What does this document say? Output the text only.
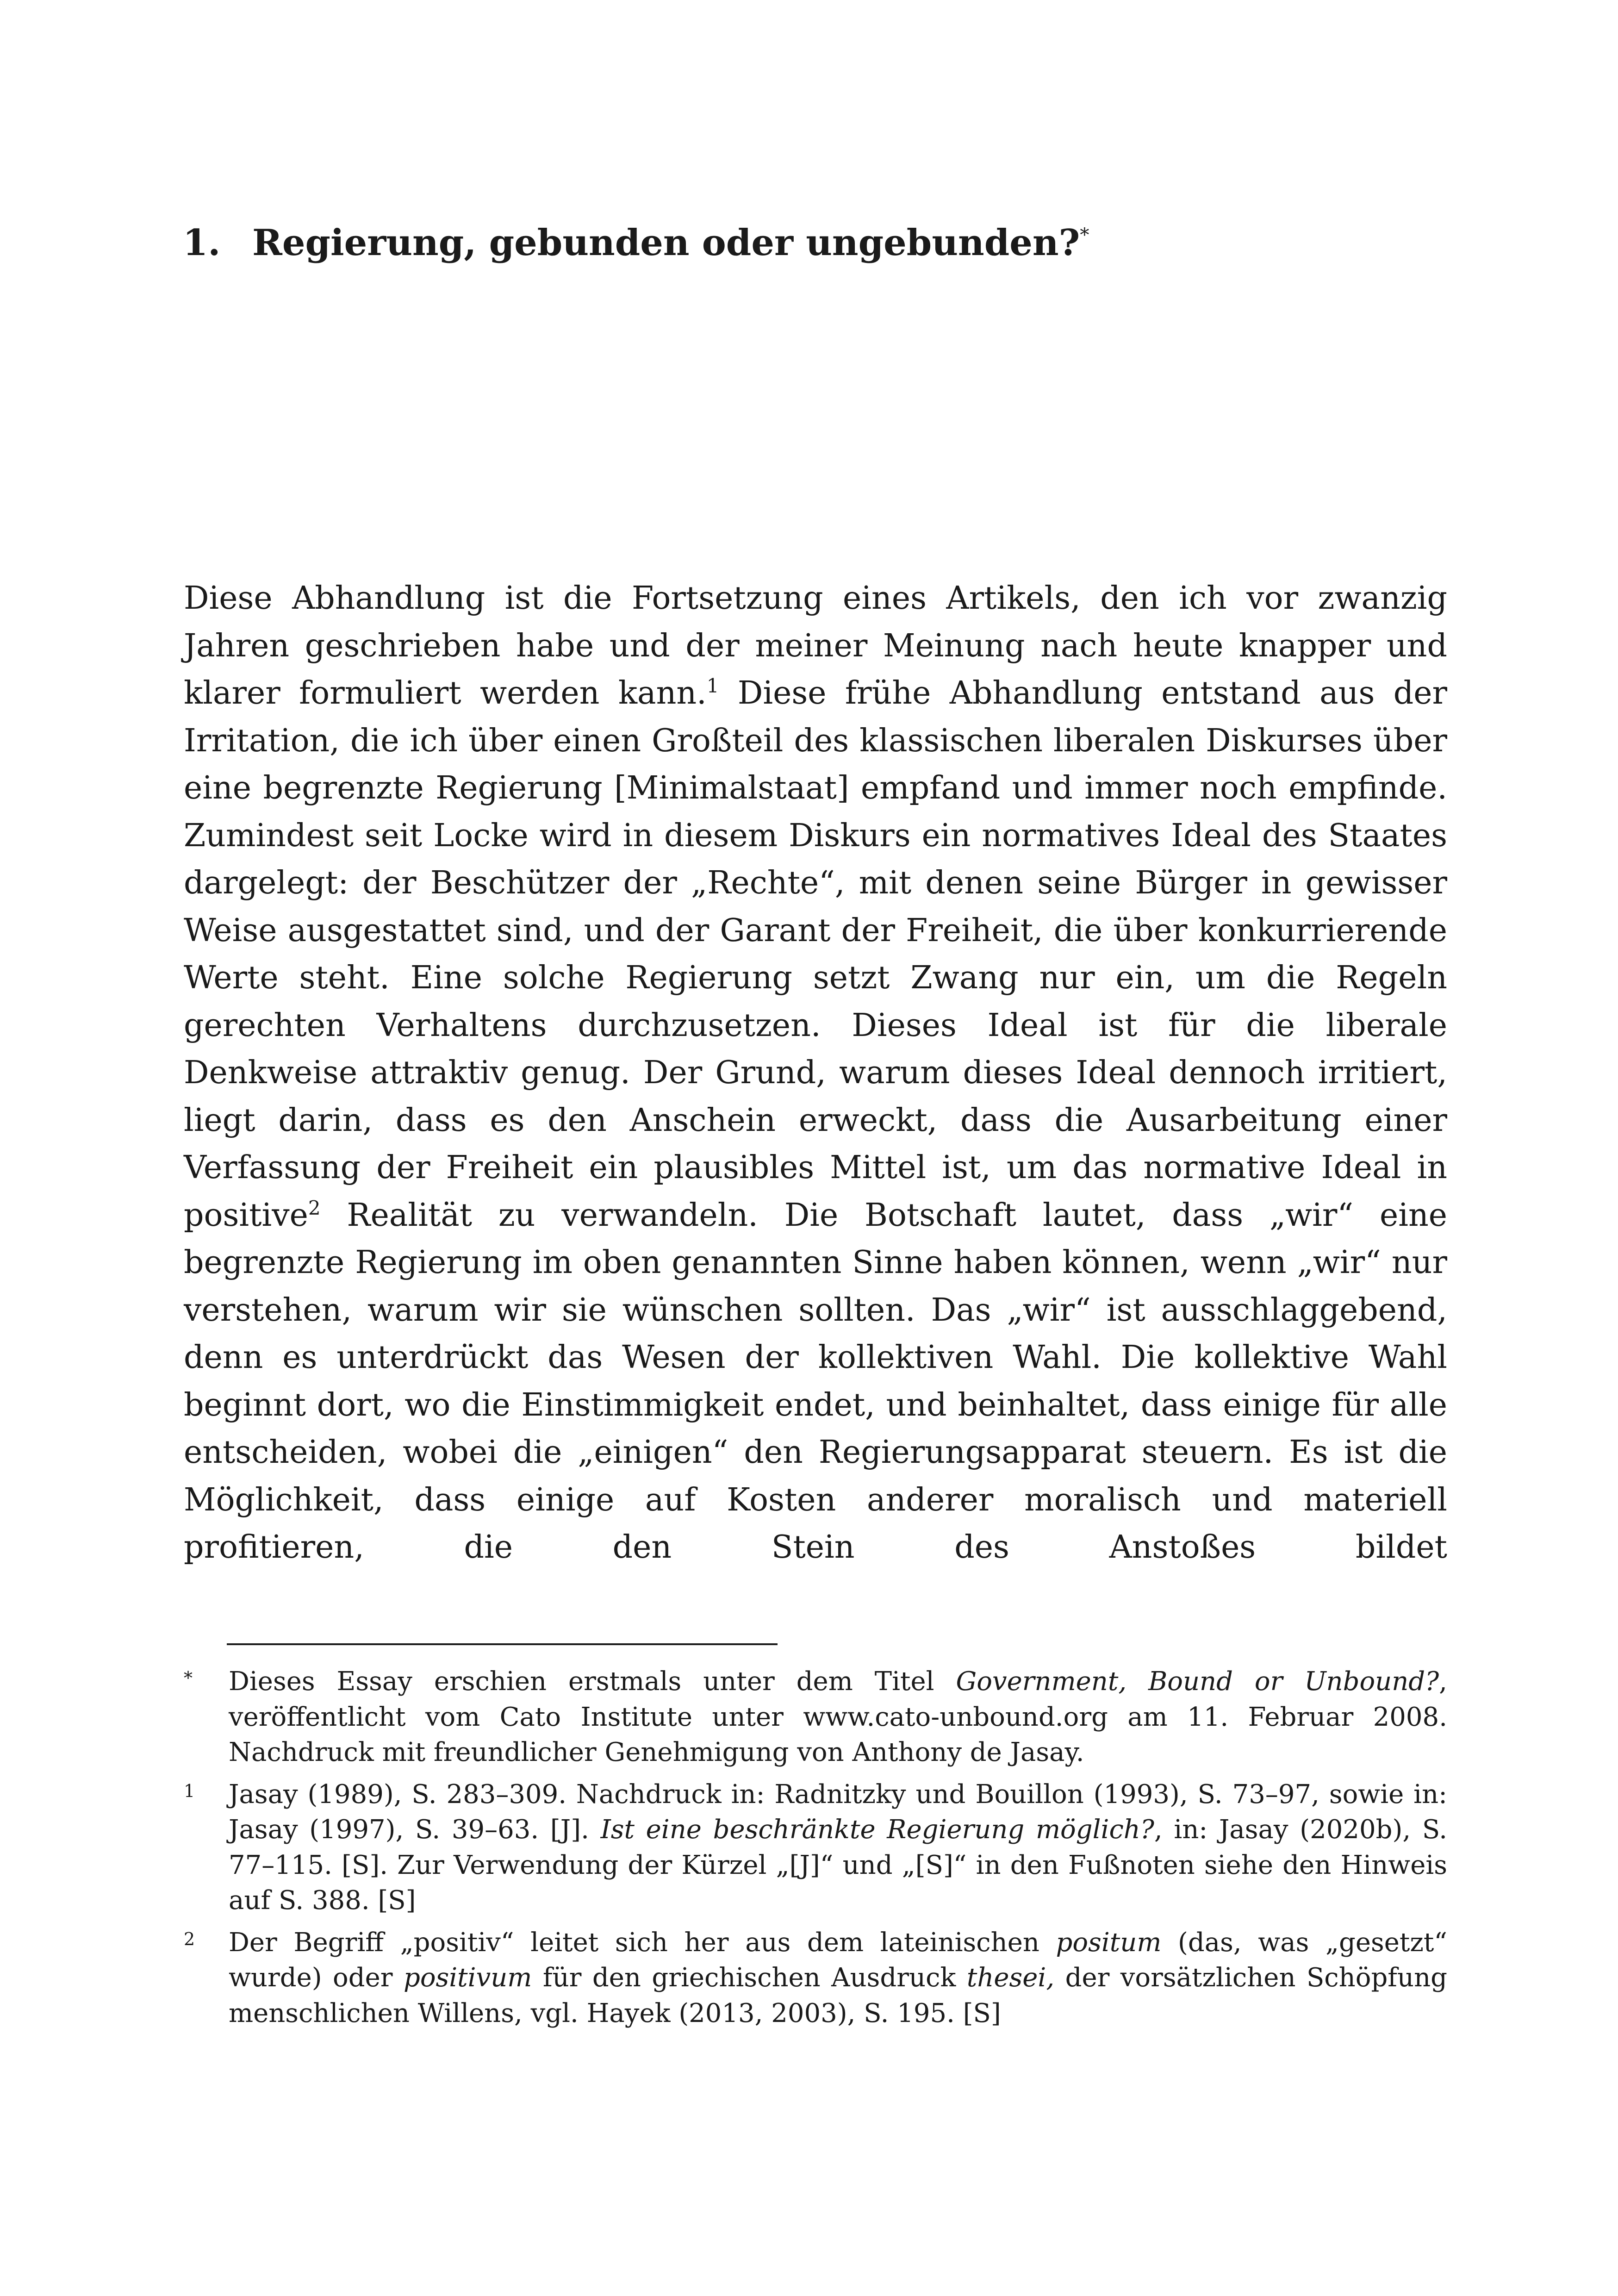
1. Regierung, gebunden oder ungebunden?*

Diese Abhandlung ist die Fortsetzung eines Artikels, den ich vor zwanzig Jahren geschrieben habe und der meiner Meinung nach heute knapper und klarer formuliert werden kann.$^1$ Diese frühe Abhandlung entstand aus der Irritation, die ich über einen Großteil des klassischen liberalen Diskurses über eine begrenzte Regierung [Minimalstaat] empfand und immer noch empfinde. Zumindest seit Locke wird in diesem Diskurs ein normatives Ideal des Staates dargelegt: der Beschützer der „Rechte“, mit denen seine Bürger in gewisser Weise ausgestattet sind, und der Garant der Freiheit, die über konkurrierende Werte steht. Eine solche Regierung setzt Zwang nur ein, um die Regeln gerechten Verhaltens durchzusetzen. Dieses Ideal ist für die liberale Denkweise attraktiv genug. Der Grund, warum dieses Ideal dennoch irritiert, liegt darin, dass es den Anschein erweckt, dass die Ausarbeitung einer Verfassung der Freiheit ein plausibles Mittel ist, um das normative Ideal in positive$^2$ Realität zu verwandeln. Die Botschaft lautet, dass „wir“ eine begrenzte Regierung im oben genannten Sinne haben können, wenn „wir“ nur verstehen, warum wir sie wünschen sollten. Das „wir“ ist ausschlaggebend, denn es unterdrückt das Wesen der kollektiven Wahl. Die kollektive Wahl beginnt dort, wo die Einstimmigkeit endet, und beinhaltet, dass einige für alle entscheiden, wobei die „einigen“ den Regierungsapparat steuern. Es ist die Möglichkeit, dass einige auf Kosten anderer moralisch und materiell profitieren, die den Stein des Anstoßes bildet

* Dieses Essay erschien erstmals unter dem Titel Government, Bound or Unbound?, veröffentlicht vom Cato Institute unter www.cato-unbound.org am 11. Februar 2008. Nachdruck mit freundlicher Genehmigung von Anthony de Jasay.
1 Jasay (1989), S. 283–309. Nachdruck in: Radnitzky und Bouillon (1993), S. 73–97, sowie in: Jasay (1997), S. 39–63. [J]. Ist eine beschränkte Regierung möglich?, in: Jasay (2020b), S. 77–115. [S]. Zur Verwendung der Kürzel „[J]“ und „[S]“ in den Fußnoten siehe den Hinweis auf S. 388. [S]
2 Der Begriff „positiv“ leitet sich her aus dem lateinischen positum (das, was „gesetzt“ wurde) oder positivum für den griechischen Ausdruck thesei, der vorsätzlichen Schöpfung menschlichen Willens, vgl. Hayek (2013, 2003), S. 195. [S]
